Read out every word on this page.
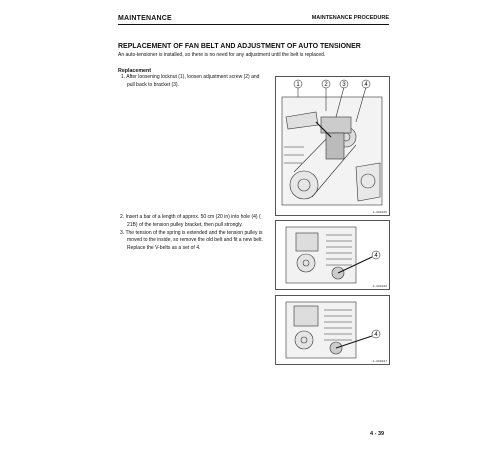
MAINTENANCE	MAINTENANCE PROCEDURE
REPLACEMENT OF FAN BELT AND ADJUSTMENT OF AUTO TENSIONER
An auto-tensioner is installed, so there is no need for any adjustment until the belt is replaced.
Replacement
1. After loosening locknut (1), loosen adjustment screw (2) and
pull back to bracket (3).
2. Insert a bar of a length of approx. 50 cm (20 in) into hole (4) (
21B) of the tension pulley bracket, then pull strongly.
3. The tension of the spring is extended and the tension pulley is
moved to the inside, so remove the old belt and fit a new belt.
Replace the V-belts as a set of 4.
1	2 3	4
G-000045
4
G-000046
4
G-000047
4 - 39
